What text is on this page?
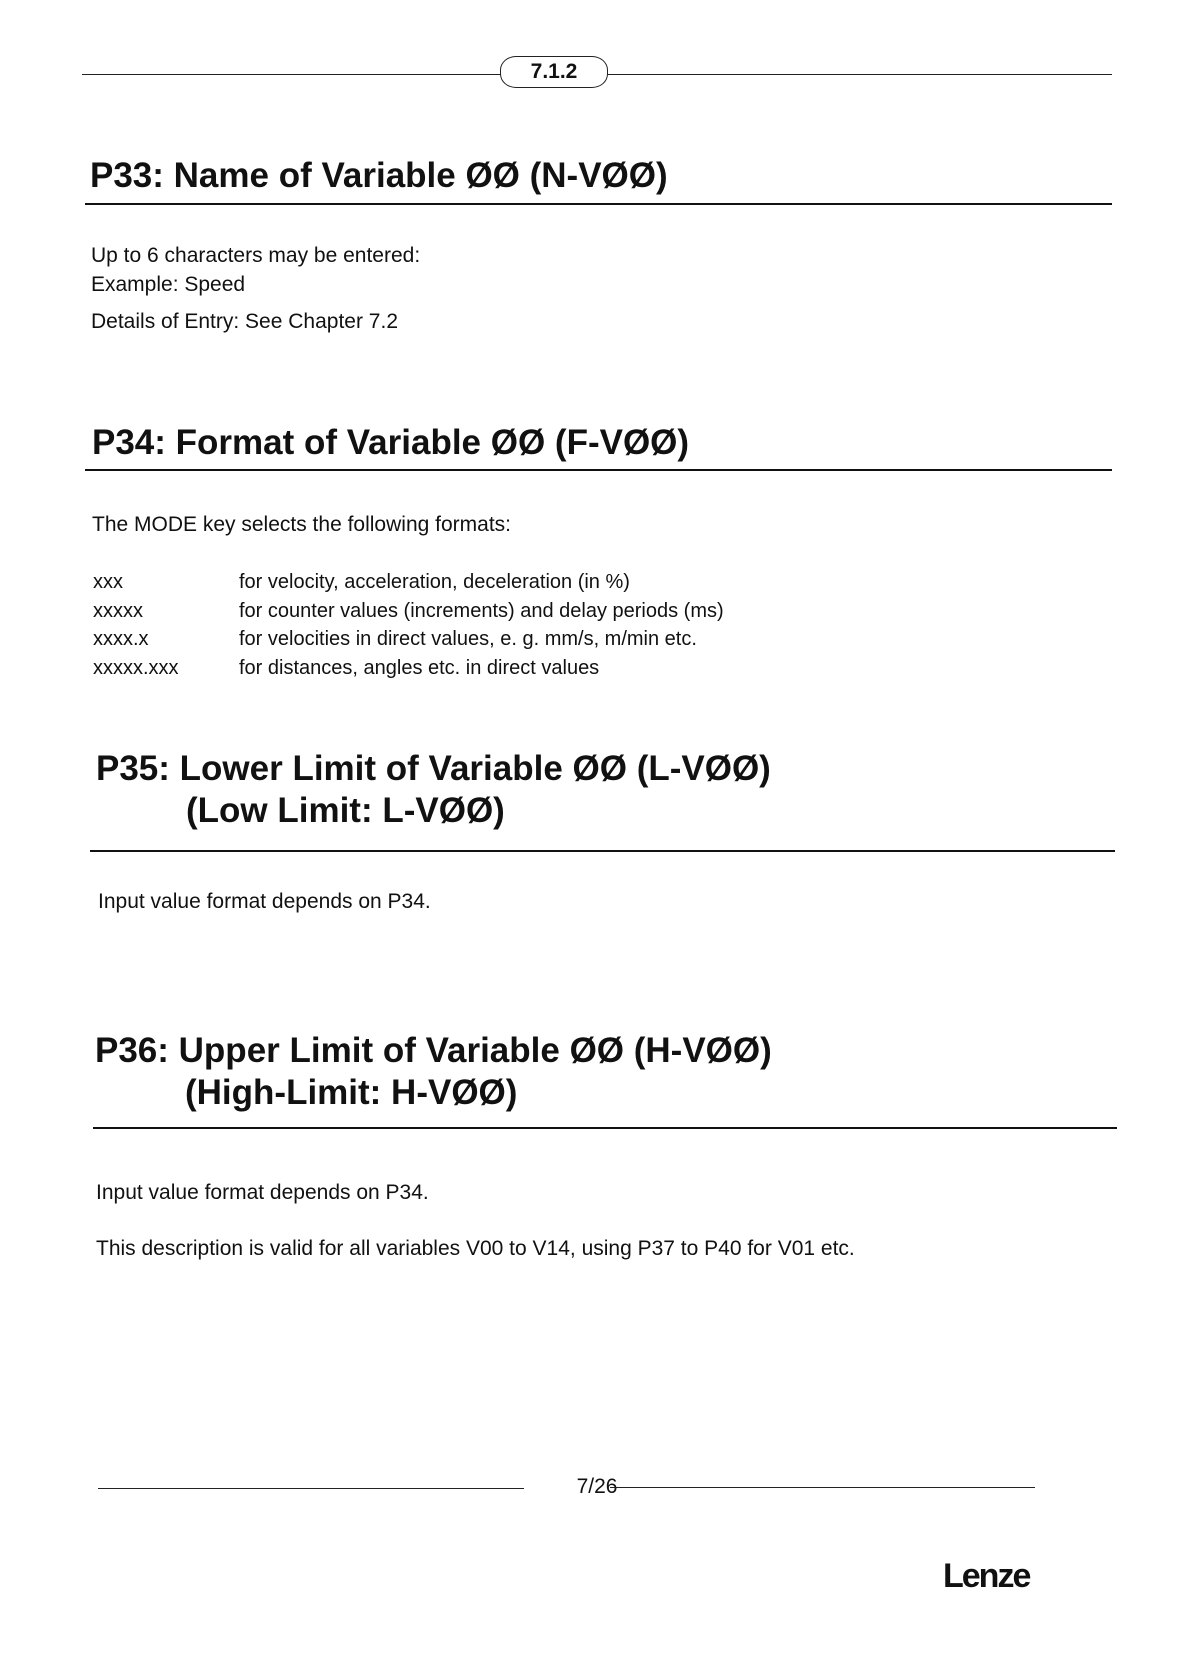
7.1.2
P33: Name of Variable ØØ (N-VØØ)

Up to 6 characters may be entered:

Example: Speed

Details of Entry: See Chapter 7.2

P34: Format of Variable ØØ (F-VØØ)

The MODE key selects the following formats:

xxx	for velocity, acceleration, deceleration (in %)
xxxxx	for counter values (increments) and delay periods (ms)
xxxx.x	for velocities in direct values, e. g. mm/s, m/min etc.
xxxxx.xxx	for distances, angles etc. in direct values
P35: Lower Limit of Variable ØØ (L-VØØ)
(Low Limit: L-VØØ)

Input value format depends on P34.

P36: Upper Limit of Variable ØØ (H-VØØ)
(High-Limit: H-VØØ)

Input value format depends on P34.

This description is valid for all variables V00 to V14, using P37 to P40 for V01 etc.

7/26
Lenze
